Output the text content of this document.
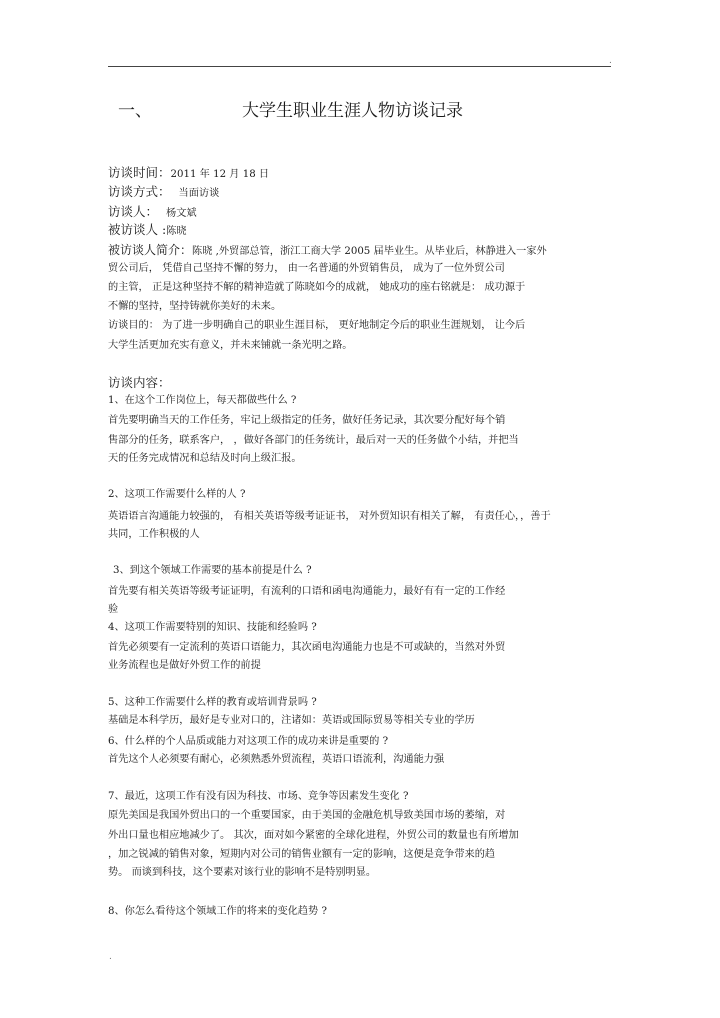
.
一、	大学生职业生涯人物访谈记录
访谈时间：2011 年 12 月 18 日
访谈方式： 当面访谈
访谈人： 杨文斌
被访谈人 :陈晓
被访谈人简介：陈晓 ,外贸部总管，浙江工商大学 2005 届毕业生。从毕业后，林静进入一家外
贸公司后， 凭借自己坚持不懈的努力， 由一名普通的外贸销售员， 成为了一位外贸公司
的主管， 正是这种坚持不解的精神造就了陈晓如今的成就， 她成功的座右铭就是： 成功源于
不懈的坚持，坚持铸就你美好的未来。
访谈目的： 为了进一步明确自己的职业生涯目标， 更好地制定今后的职业生涯规划， 让今后
大学生活更加充实有意义，并未来铺就一条光明之路。
访谈内容：
1、在这个工作岗位上，每天都做些什么 ?
首先要明确当天的工作任务，牢记上级指定的任务，做好任务记录，其次要分配好每个销
售部分的任务，联系客户， ，做好各部门的任务统计，最后对一天的任务做个小结，并把当
天的任务完成情况和总结及时向上级汇报。
2、这项工作需要什么样的人 ?
英语语言沟通能力较强的， 有相关英语等级考证证书， 对外贸知识有相关了解， 有责任心，，善于
共同，工作积极的人
3、到这个领域工作需要的基本前提是什么 ?
首先要有相关英语等级考证证明，有流利的口语和函电沟通能力，最好有有一定的工作经
验
4、这项工作需要特别的知识、技能和经验吗 ?
首先必须要有一定流利的英语口语能力，其次函电沟通能力也是不可或缺的，当然对外贸
业务流程也是做好外贸工作的前提
5、这种工作需要什么样的教育或培训背景吗 ?
基础是本科学历，最好是专业对口的，注诸如：英语或国际贸易等相关专业的学历
6、什么样的个人品质或能力对这项工作的成功来讲是重要的 ?
首先这个人必须要有耐心，必须熟悉外贸流程，英语口语流利，沟通能力强
7、最近，这项工作有没有因为科技、市场、竞争等因素发生变化 ?
原先美国是我国外贸出口的一个重要国家，由于美国的金融危机导致美国市场的萎缩，对
外出口量也相应地减少了。 其次，面对如今紧密的全球化进程，外贸公司的数量也有所增加
，加之锐减的销售对象，短期内对公司的销售业额有一定的影响，这便是竞争带来的趋
势。 而谈到科技，这个要素对该行业的影响不是特别明显。
8、你怎么看待这个领域工作的将来的变化趋势 ?
.
